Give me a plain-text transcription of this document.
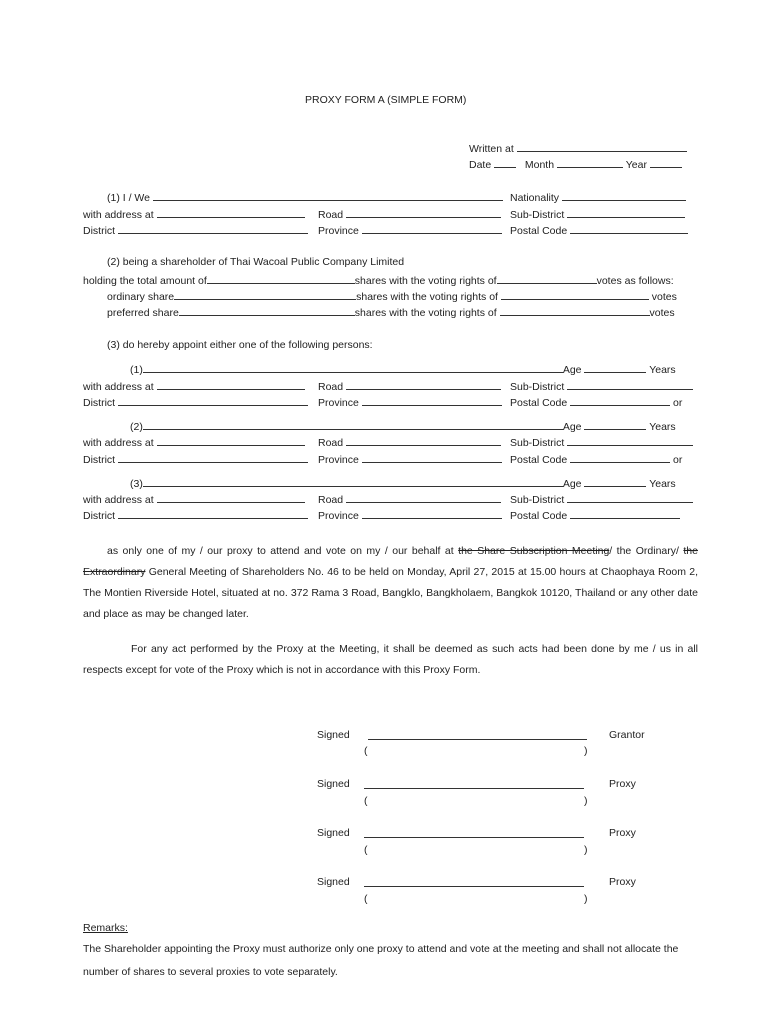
PROXY FORM A (SIMPLE FORM)
Written at
Date	Month	Year
(1) I / We	Nationality
with address at	Road	Sub-District
District	Province	Postal Code
(2) being a shareholder of Thai Wacoal Public Company Limited
holding the total amount of	shares with the voting rights of	votes as follows:
ordinary share	shares with the voting rights of	votes
preferred share	shares with the voting rights of	votes
(3) do hereby appoint either one of the following persons:
(1)	Age	Years
with address at	Road	Sub-District
District	Province	Postal Code	or
(2)	Age	Years
with address at	Road	Sub-District
District	Province	Postal Code	or
(3)	Age	Years
with address at	Road	Sub-District
District	Province	Postal Code
as only one of my / our proxy to attend and vote on my / our behalf at the Share Subscription Meeting/ the Ordinary/ the Extraordinary General Meeting of Shareholders No. 46 to be held on Monday, April 27, 2015 at 15.00 hours at Chaophaya Room 2, The Montien Riverside Hotel, situated at no. 372 Rama 3 Road, Bangklo, Bangkholaem, Bangkok 10120, Thailand or any other date and place as may be changed later.
For any act performed by the Proxy at the Meeting, it shall be deemed as such acts had been done by me / us in all respects except for vote of the Proxy which is not in accordance with this Proxy Form.
Signed	Grantor
(	)
Signed	Proxy
(	)
Signed	Proxy
(	)
Signed	Proxy
(	)
Remarks:
The Shareholder appointing the Proxy must authorize only one proxy to attend and vote at the meeting and shall not allocate the number of shares to several proxies to vote separately.
